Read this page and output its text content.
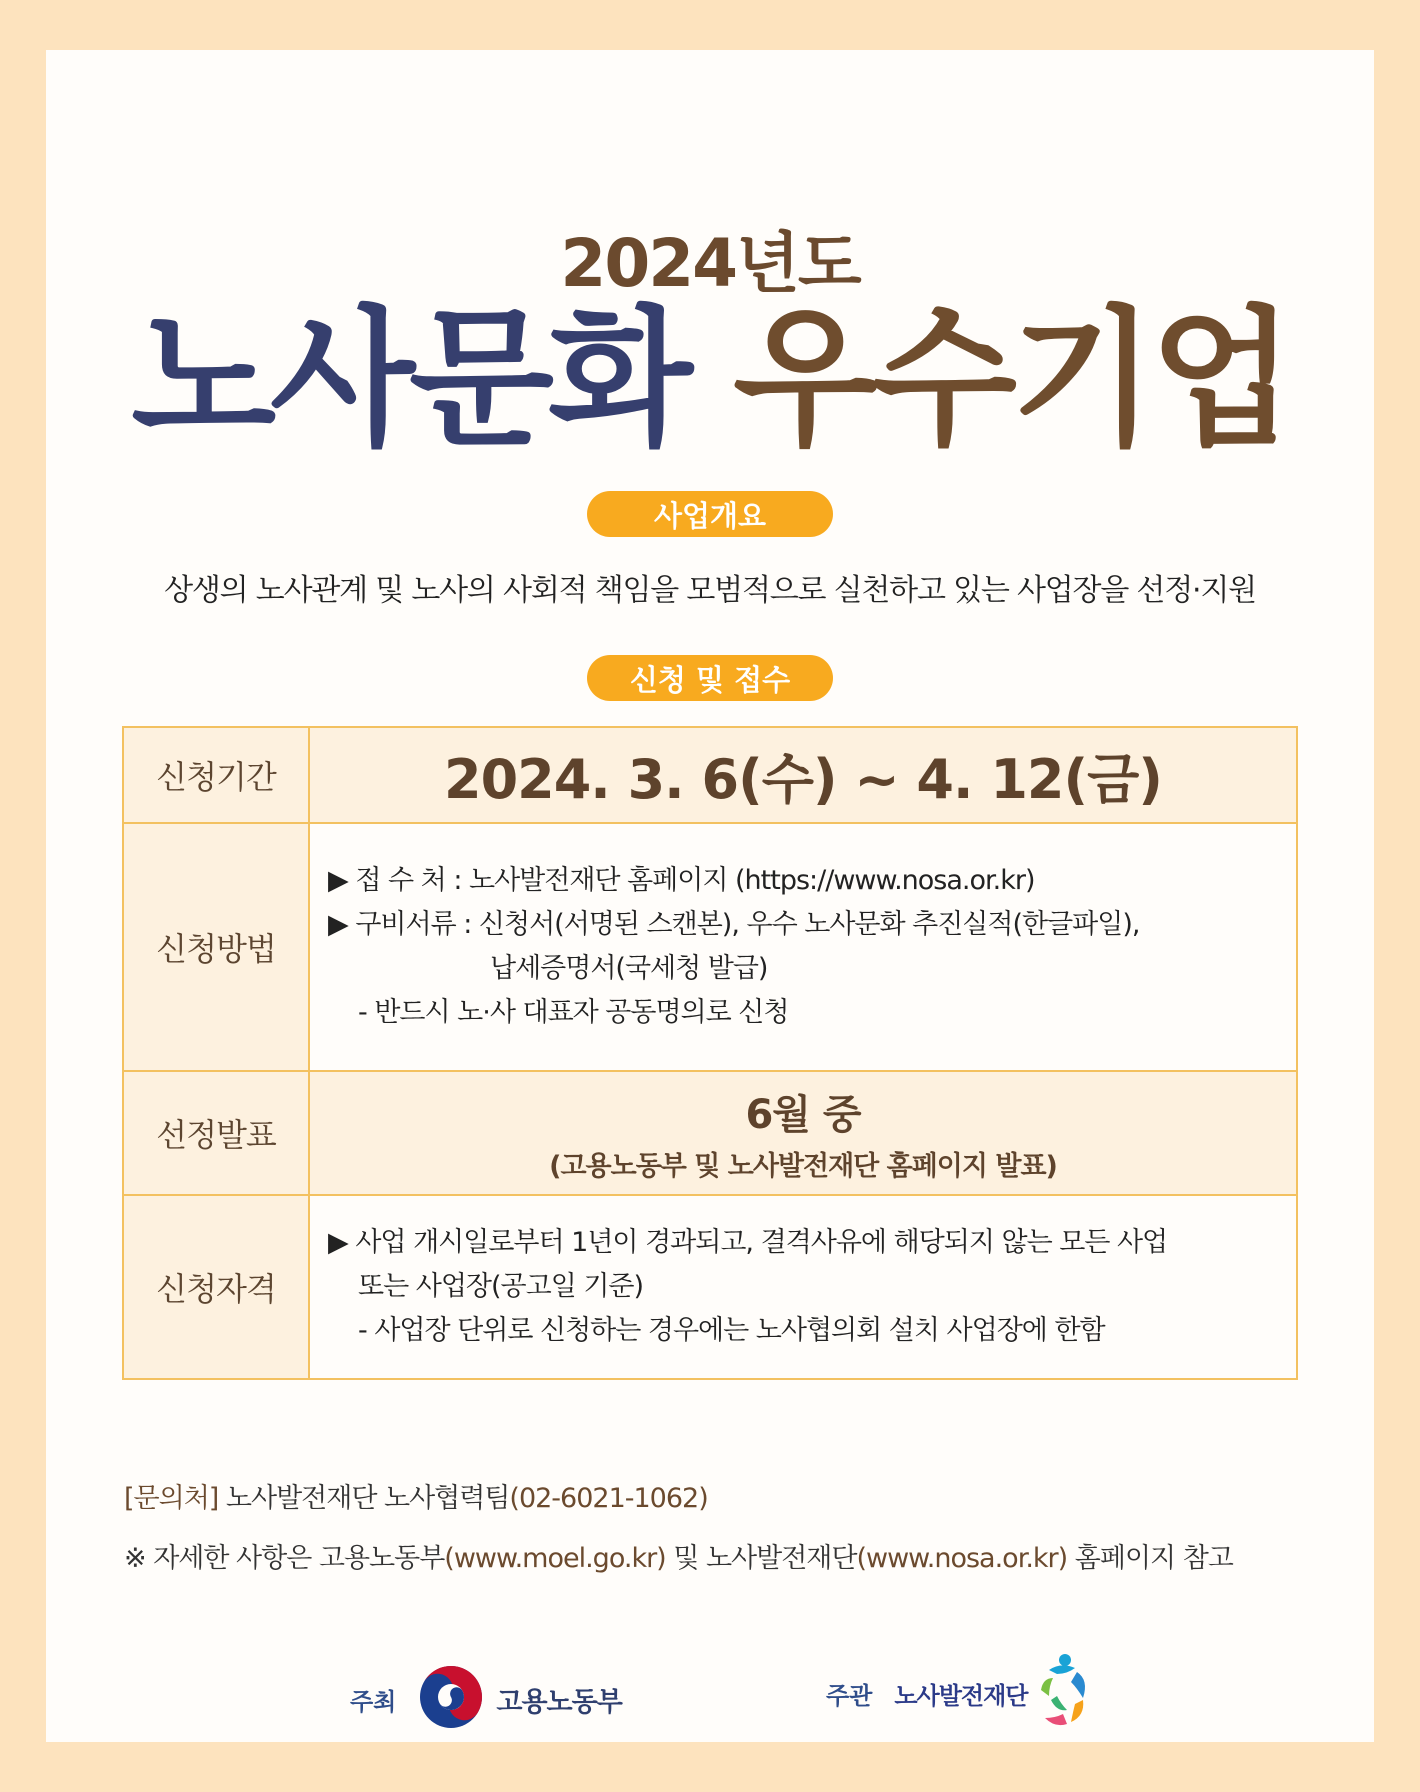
2024년도
노사문화 우수기업
사업개요
상생의 노사관계 및 노사의 사회적 책임을 모범적으로 실천하고 있는 사업장을 선정·지원
신청 및 접수
신청기간	2024. 3. 6(수) ~ 4. 12(금)

신청방법	▶ 접 수 처 : 노사발전재단 홈페이지 (https://www.nosa.or.kr)
▶ 구비서류 : 신청서(서명된 스캔본), 우수 노사문화 추진실적(한글파일),
납세증명서(국세청 발급)
- 반드시 노·사 대표자 공동명의로 신청

선정발표	6월 중
(고용노동부 및 노사발전재단 홈페이지 발표)

신청자격	▶ 사업 개시일로부터 1년이 경과되고, 결격사유에 해당되지 않는 모든 사업
또는 사업장(공고일 기준)
- 사업장 단위로 신청하는 경우에는 노사협의회 설치 사업장에 한함
[문의처] 노사발전재단 노사협력팀(02-6021-1062)
※ 자세한 사항은 고용노동부(www.moel.go.kr) 및 노사발전재단(www.nosa.or.kr) 홈페이지 참고
주최	고용노동부	주관 노사발전재단
